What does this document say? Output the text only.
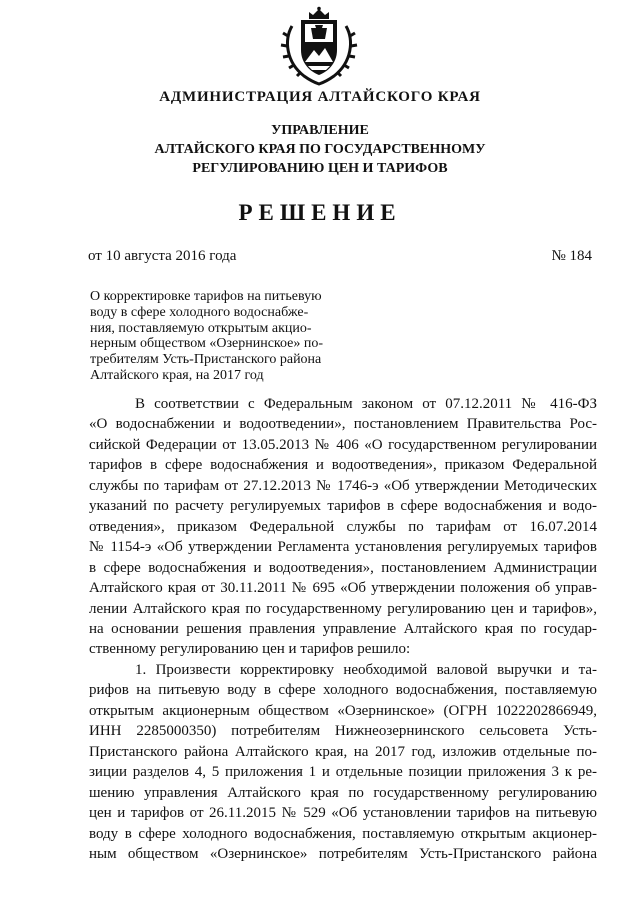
АДМИНИСТРАЦИЯ АЛТАЙСКОГО КРАЯ
УПРАВЛЕНИЕ
АЛТАЙСКОГО КРАЯ ПО ГОСУДАРСТВЕННОМУ
РЕГУЛИРОВАНИЮ ЦЕН И ТАРИФОВ
РЕШЕНИЕ
от 10 августа 2016 года	№ 184
О корректировке тарифов на питьевую
воду в сфере холодного водоснабже-
ния, поставляемую открытым акцио-
нерным обществом «Озернинское» по-
требителям Усть-Пристанского района
Алтайского края, на 2017 год
В соответствии с Федеральным законом от 07.12.2011 № 416-ФЗ
«О водоснабжении и водоотведении», постановлением Правительства Рос-
сийской Федерации от 13.05.2013 № 406 «О государственном регулировании
тарифов в сфере водоснабжения и водоотведения», приказом Федеральной
службы по тарифам от 27.12.2013 № 1746-э «Об утверждении Методических
указаний по расчету регулируемых тарифов в сфере водоснабжения и водо-
отведения», приказом Федеральной службы по тарифам от 16.07.2014
№ 1154-э «Об утверждении Регламента установления регулируемых тарифов
в сфере водоснабжения и водоотведения», постановлением Администрации
Алтайского края от 30.11.2011 № 695 «Об утверждении положения об управ-
лении Алтайского края по государственному регулированию цен и тарифов»,
на основании решения правления управление Алтайского края по государ-
ственному регулированию цен и тарифов решило:
1. Произвести корректировку необходимой валовой выручки и та-
рифов на питьевую воду в сфере холодного водоснабжения, поставляемую
открытым акционерным обществом «Озернинское» (ОГРН 1022202866949,
ИНН 2285000350) потребителям Нижнеозернинского сельсовета Усть-
Пристанского района Алтайского края, на 2017 год, изложив отдельные по-
зиции разделов 4, 5 приложения 1 и отдельные позиции приложения 3 к ре-
шению управления Алтайского края по государственному регулированию
цен и тарифов от 26.11.2015 № 529 «Об установлении тарифов на питьевую
воду в сфере холодного водоснабжения, поставляемую открытым акционер-
ным обществом «Озернинское» потребителям Усть-Пристанского района
